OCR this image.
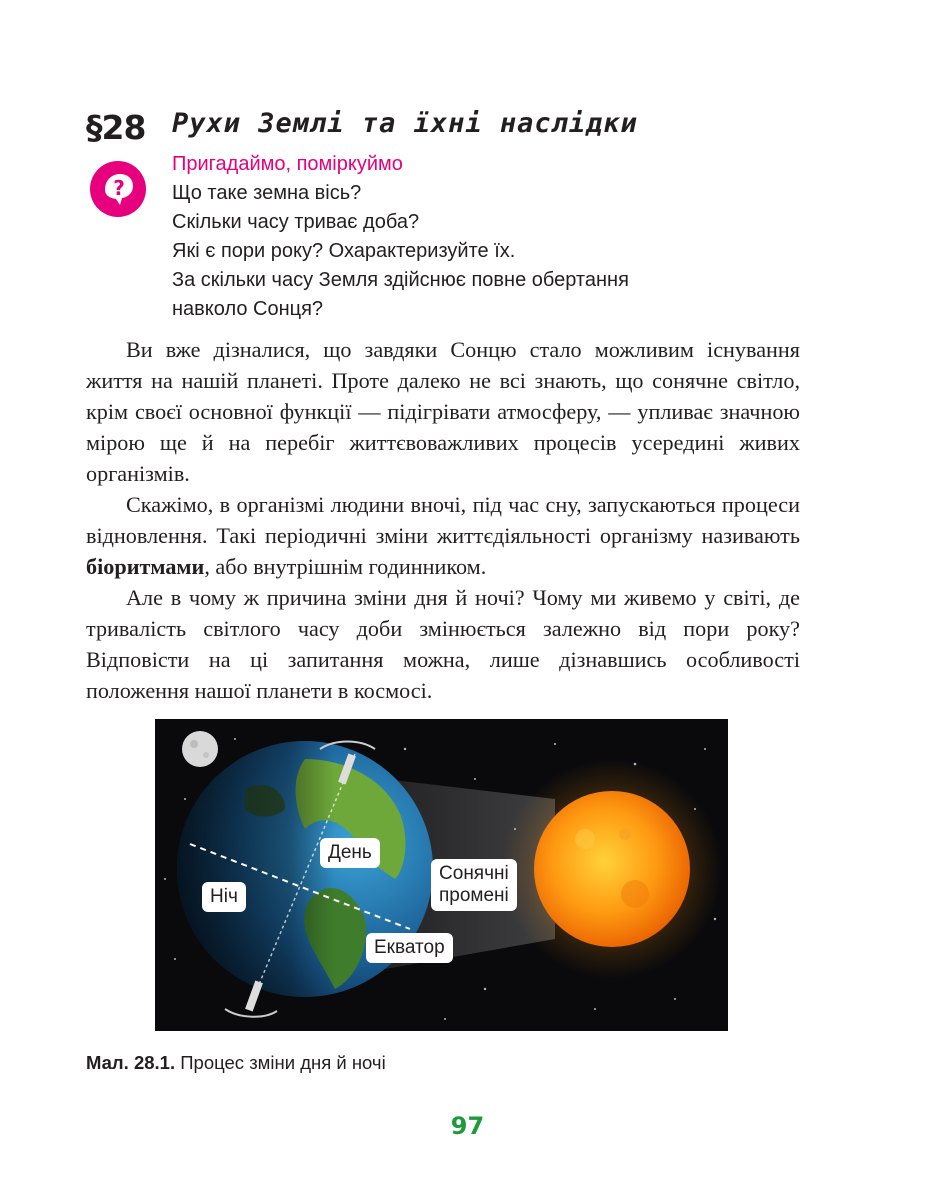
§28 Рухи Землі та їхні наслідки
?
Пригадаймо, поміркуймо
Що таке земна вісь?
Скільки часу триває доба?
Які є пори року? Охарактеризуйте їх.
За скільки часу Земля здійснює повне обертання
навколо Сонця?

Ви вже дізналися, що завдяки Сонцю стало можливим існування життя на нашій планеті. Проте далеко не всі знають, що сонячне світло, крім своєї основної функції — підігрівати атмосферу, — упливає значною мірою ще й на перебіг життєвоважливих процесів усередині живих організмів.

Скажімо, в організмі людини вночі, під час сну, запускаються процеси відновлення. Такі періодичні зміни життєдіяльності організму називають біоритмами, або внутрішнім годинником.

Але в чому ж причина зміни дня й ночі? Чому ми живемо у світі, де тривалість світлого часу доби змінюється залежно від пори року? Відповісти на ці запитання можна, лише дізнавшись особливості положення нашої планети в космосі.

День
Ніч
Сонячні
промені
Екватор
Мал. 28.1. Процес зміни дня й ночі
97
